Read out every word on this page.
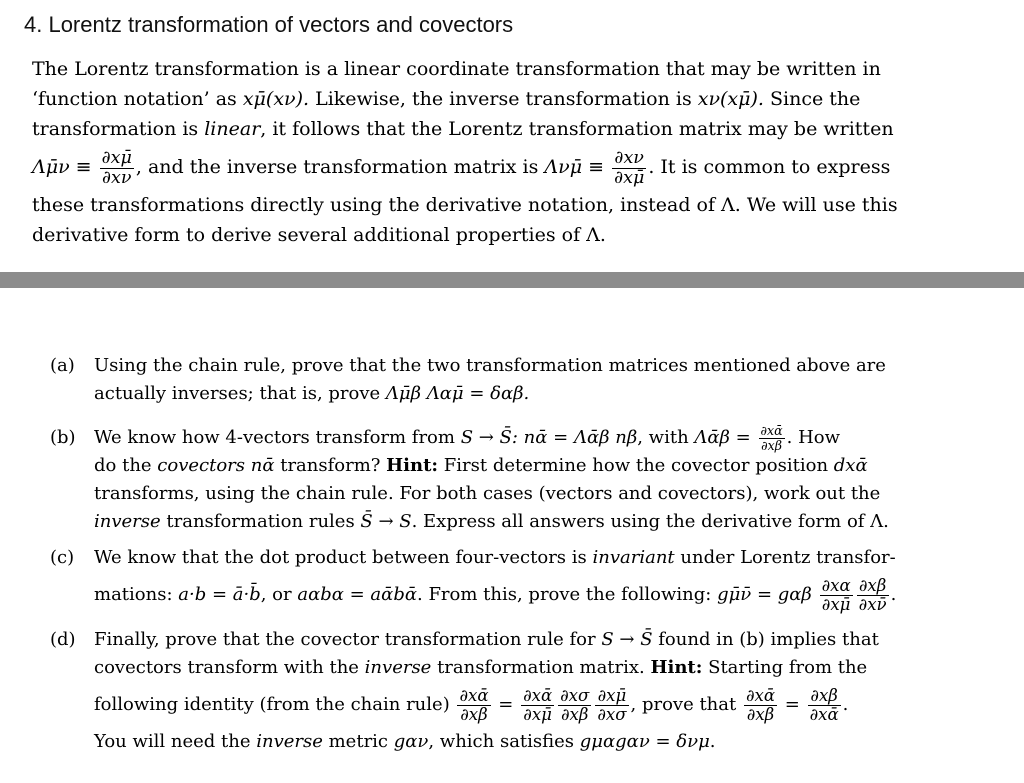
4. Lorentz transformation of vectors and covectors
The Lorentz transformation is a linear coordinate transformation that may be written in
‘function notation’ as xμ̄(xν). Likewise, the inverse transformation is xν(xμ̄). Since the
transformation is linear, it follows that the Lorentz transformation matrix may be written
Λμ̄ν ≡ $\frac{\partial x\mū}{\partial x\nu}$ , and the inverse transformation matrix is Λνμ̄ ≡ $\frac{\partial x\nu}{\partial x\mū}$ . It is common to express
these transformations directly using the derivative notation, instead of Λ. We will use this
derivative form to derive several additional properties of Λ.
(a) Using the chain rule, prove that the two transformation matrices mentioned above are
actually inverses; that is, prove Λμ̄β Λαμ̄ = δαβ.
(b) We know how 4-vectors transform from S → S̄: nᾱ = Λᾱβ nβ, with Λᾱβ = $\frac{\partial x\alphā}{\partial x\beta}$ . How
do the covectors nᾱ transform? Hint: First determine how the covector position dxᾱ
transforms, using the chain rule. For both cases (vectors and covectors), work out the
inverse transformation rules S̄ → S. Express all answers using the derivative form of Λ.
(c) We know that the dot product between four-vectors is invariant under Lorentz transfor-
mations: a·b = ā·b̄, or aαbα = aᾱbᾱ. From this, prove the following: gμ̄ν̄ = gαβ $\frac{\partial x\alpha}{\partial x\mū} \frac{\partial x\beta}{\partial x\nū}$ .
(d) Finally, prove that the covector transformation rule for S → S̄ found in (b) implies that
covectors transform with the inverse transformation matrix. Hint: Starting from the
following identity (from the chain rule) $\frac{\partial x\alphā}{\partial x\beta} = \frac{\partial x\alphā}{\partial x\mū} \frac{\partial x\sigma}{\partial x\beta} \frac{\partial x\mū}{\partial x\sigma}$ , prove that $\frac{\partial x\alphā}{\partial x\beta} = \frac{\partial x\beta}{\partial x\alphā}$ .
You will need the inverse metric gαν, which satisfies gμαgαν = δνμ.
